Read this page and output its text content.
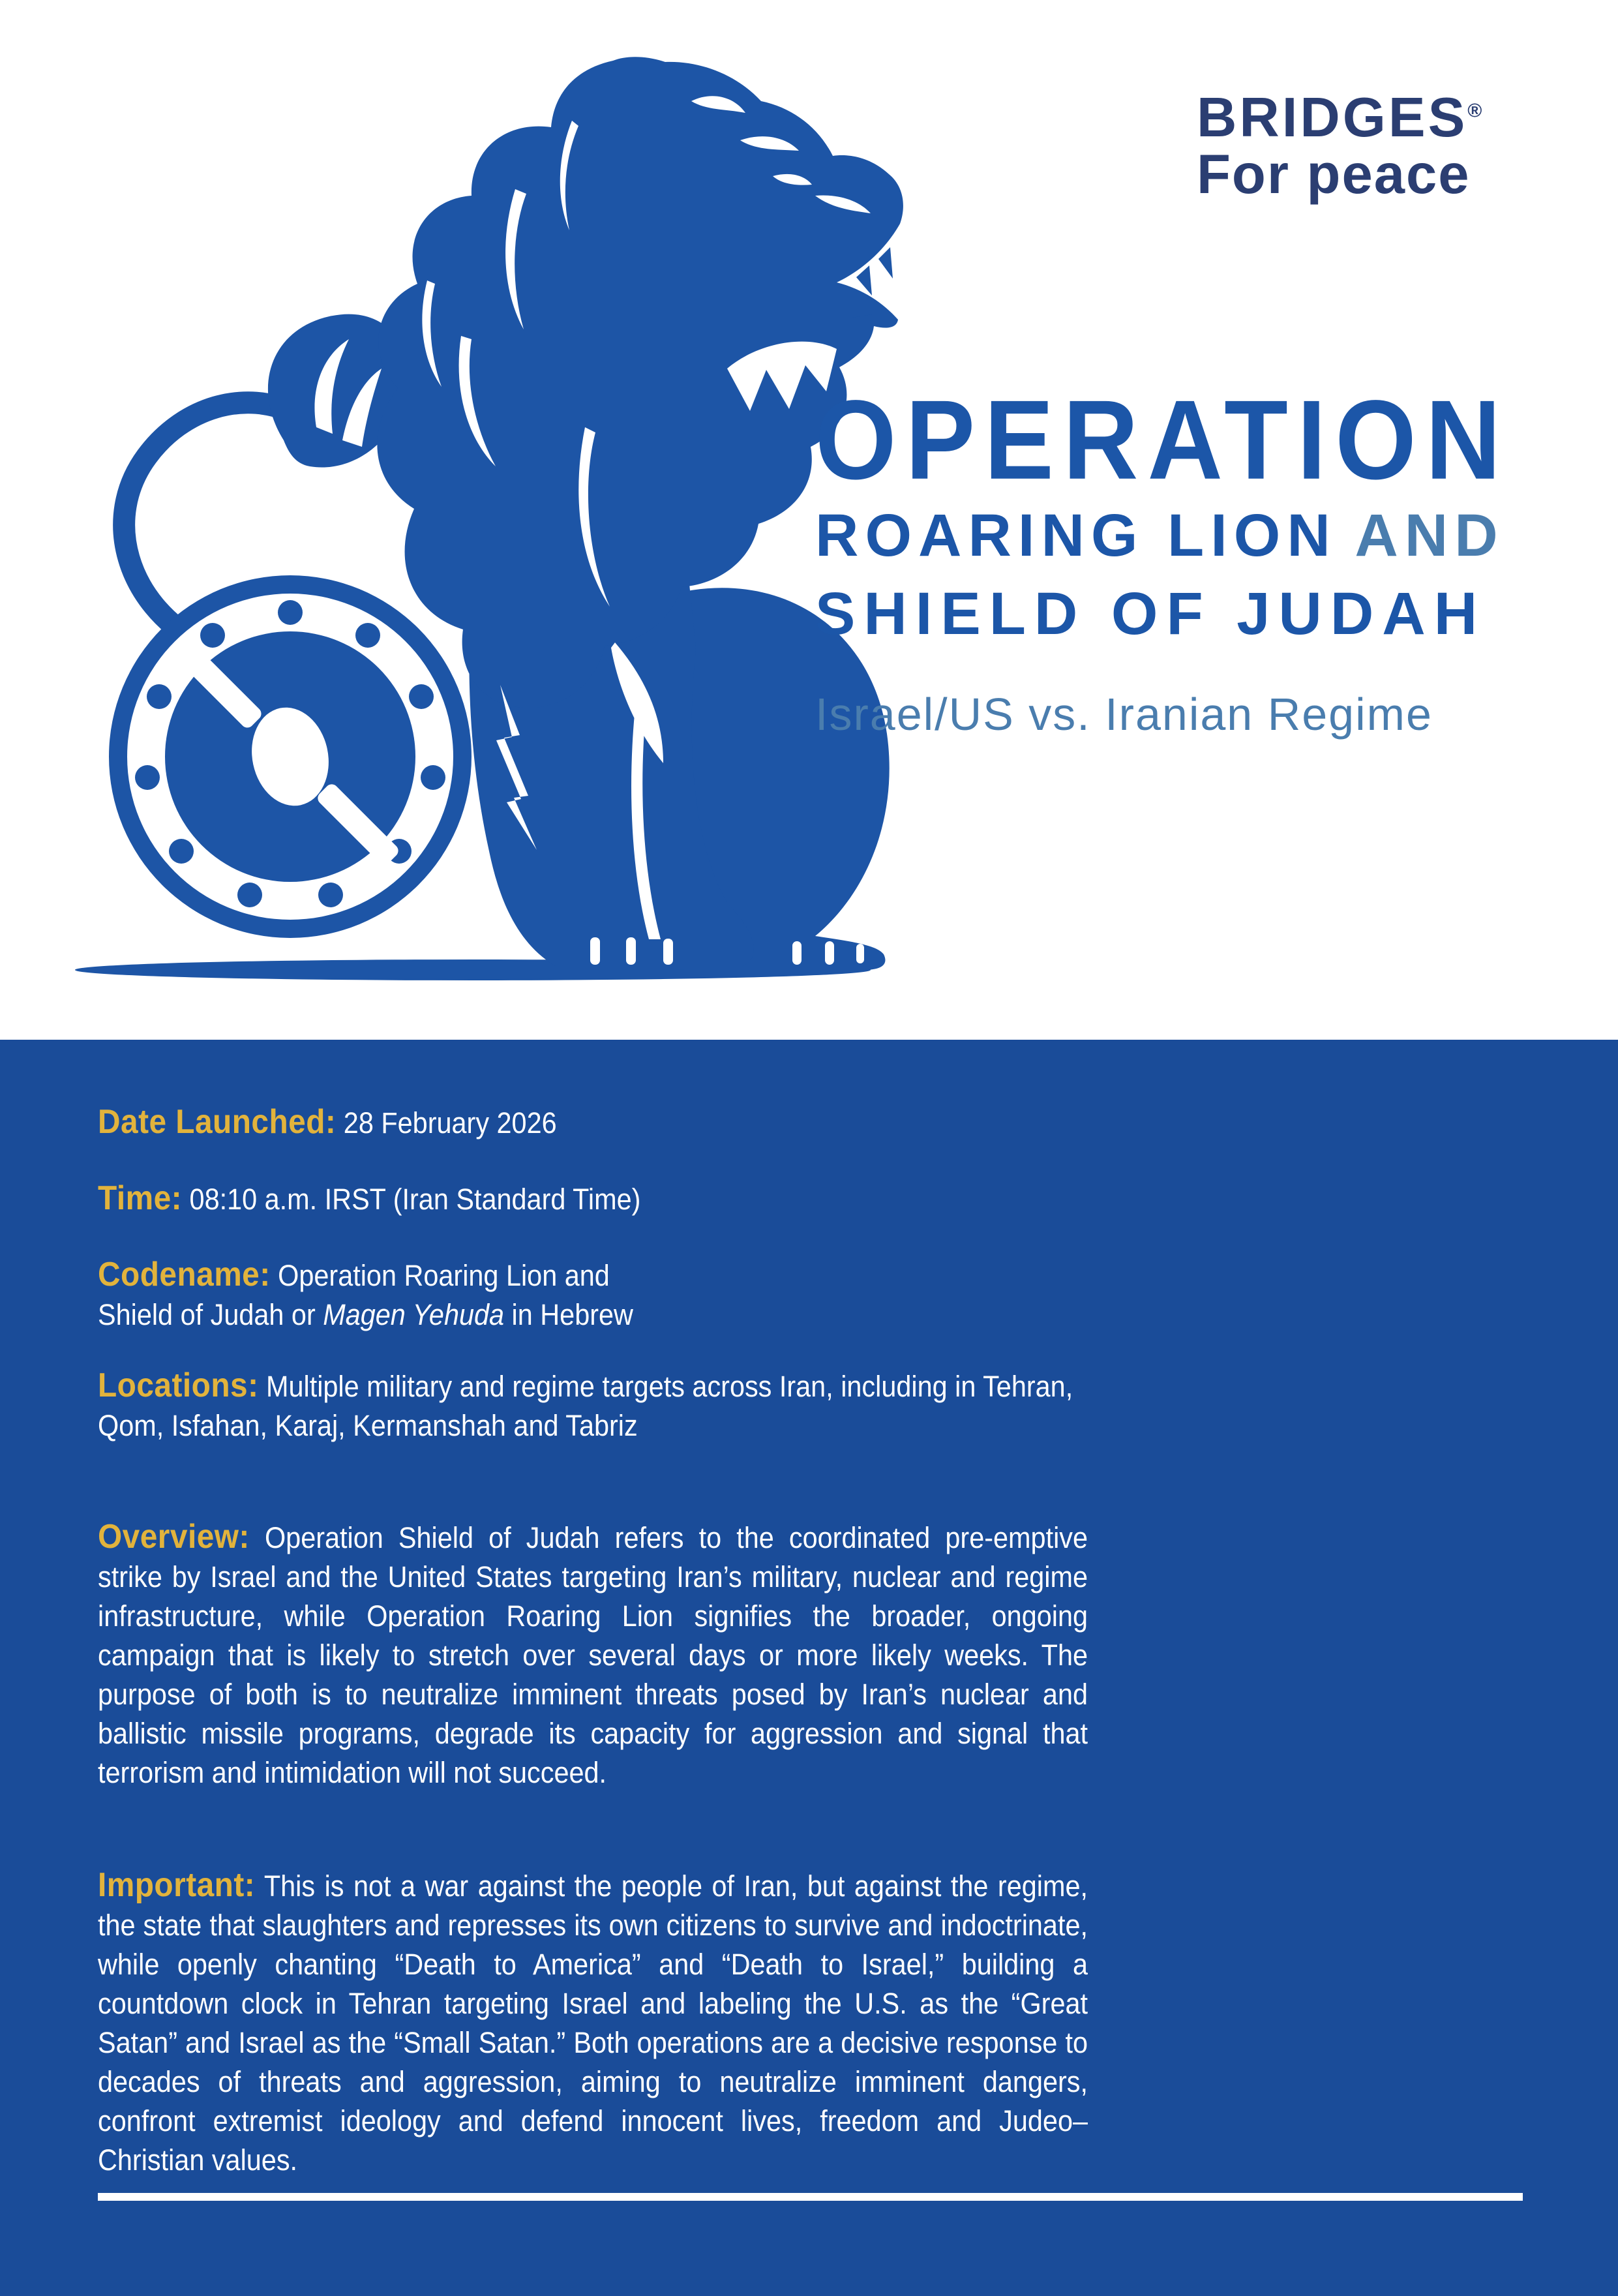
BRIDGES®
For peace
OPERATION
ROARING LION AND
SHIELD OF JUDAH
Israel/US vs. Iranian Regime
Date Launched: 28 February 2026
Time: 08:10 a.m. IRST (Iran Standard Time)
Codename: Operation Roaring Lion and Shield of Judah or Magen Yehuda in Hebrew
Locations: Multiple military and regime targets across Iran, including in Tehran, Qom, Isfahan, Karaj, Kermanshah and Tabriz

Overview: Operation Shield of Judah refers to the coordinated pre-emptive strike by Israel and the United States targeting Iran’s military, nuclear and regime infrastructure, while Operation Roaring Lion signifies the broader, ongoing campaign that is likely to stretch over several days or more likely weeks. The purpose of both is to neutralize imminent threats posed by Iran’s nuclear and ballistic missile programs, degrade its capacity for aggression and signal that terrorism and intimidation will not succeed.

Important: This is not a war against the people of Iran, but against the regime, the state that slaughters and represses its own citizens to survive and indoctrinate, while openly chanting “Death to America” and “Death to Israel,” building a countdown clock in Tehran targeting Israel and labeling the U.S. as the “Great Satan” and Israel as the “Small Satan.” Both operations are a decisive response to decades of threats and aggression, aiming to neutralize imminent dangers, confront extremist ideology and defend innocent lives, freedom and Judeo–Christian values.
